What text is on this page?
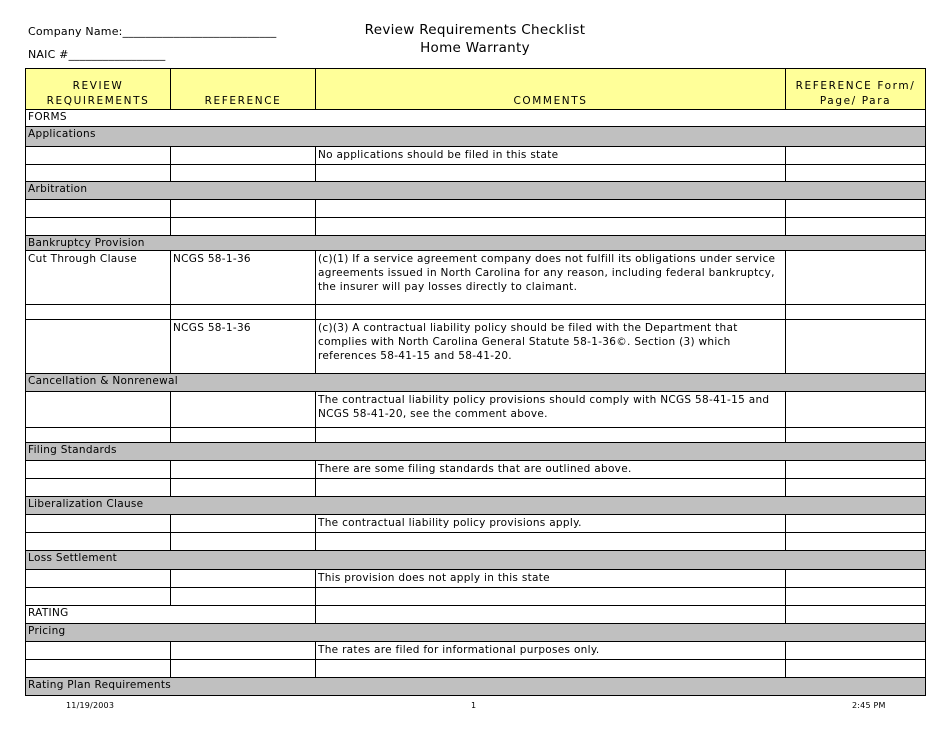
Company Name:___________________________
NAIC #_________________
Review Requirements Checklist
Home Warranty
REVIEW REQUIREMENTS	REFERENCE	COMMENTS	REFERENCE Form/ Page/ Para
FORMS			
Applications			
		No applications should be filed in this state	

Arbitration			

Bankruptcy Provision			
Cut Through Clause	NCGS 58-1-36	(c)(1) If a service agreement company does not fulfill its obligations under service agreements issued in North Carolina for any reason, including federal bankruptcy, the insurer will pay losses directly to claimant.	

	NCGS 58-1-36	(c)(3) A contractual liability policy should be filed with the Department that complies with North Carolina General Statute 58-1-36©. Section (3) which references 58-41-15 and 58-41-20.	
Cancellation & Nonrenewal			
		The contractual liability policy provisions should comply with NCGS 58-41-15 and NCGS 58-41-20, see the comment above.	

Filing Standards			
		There are some filing standards that are outlined above.	

Liberalization Clause			
		The contractual liability policy provisions apply.	

Loss Settlement			
		This provision does not apply in this state	

RATING			
Pricing			
		The rates are filed for informational purposes only.	

Rating Plan Requirements			
11/19/2003	1	2:45 PM
